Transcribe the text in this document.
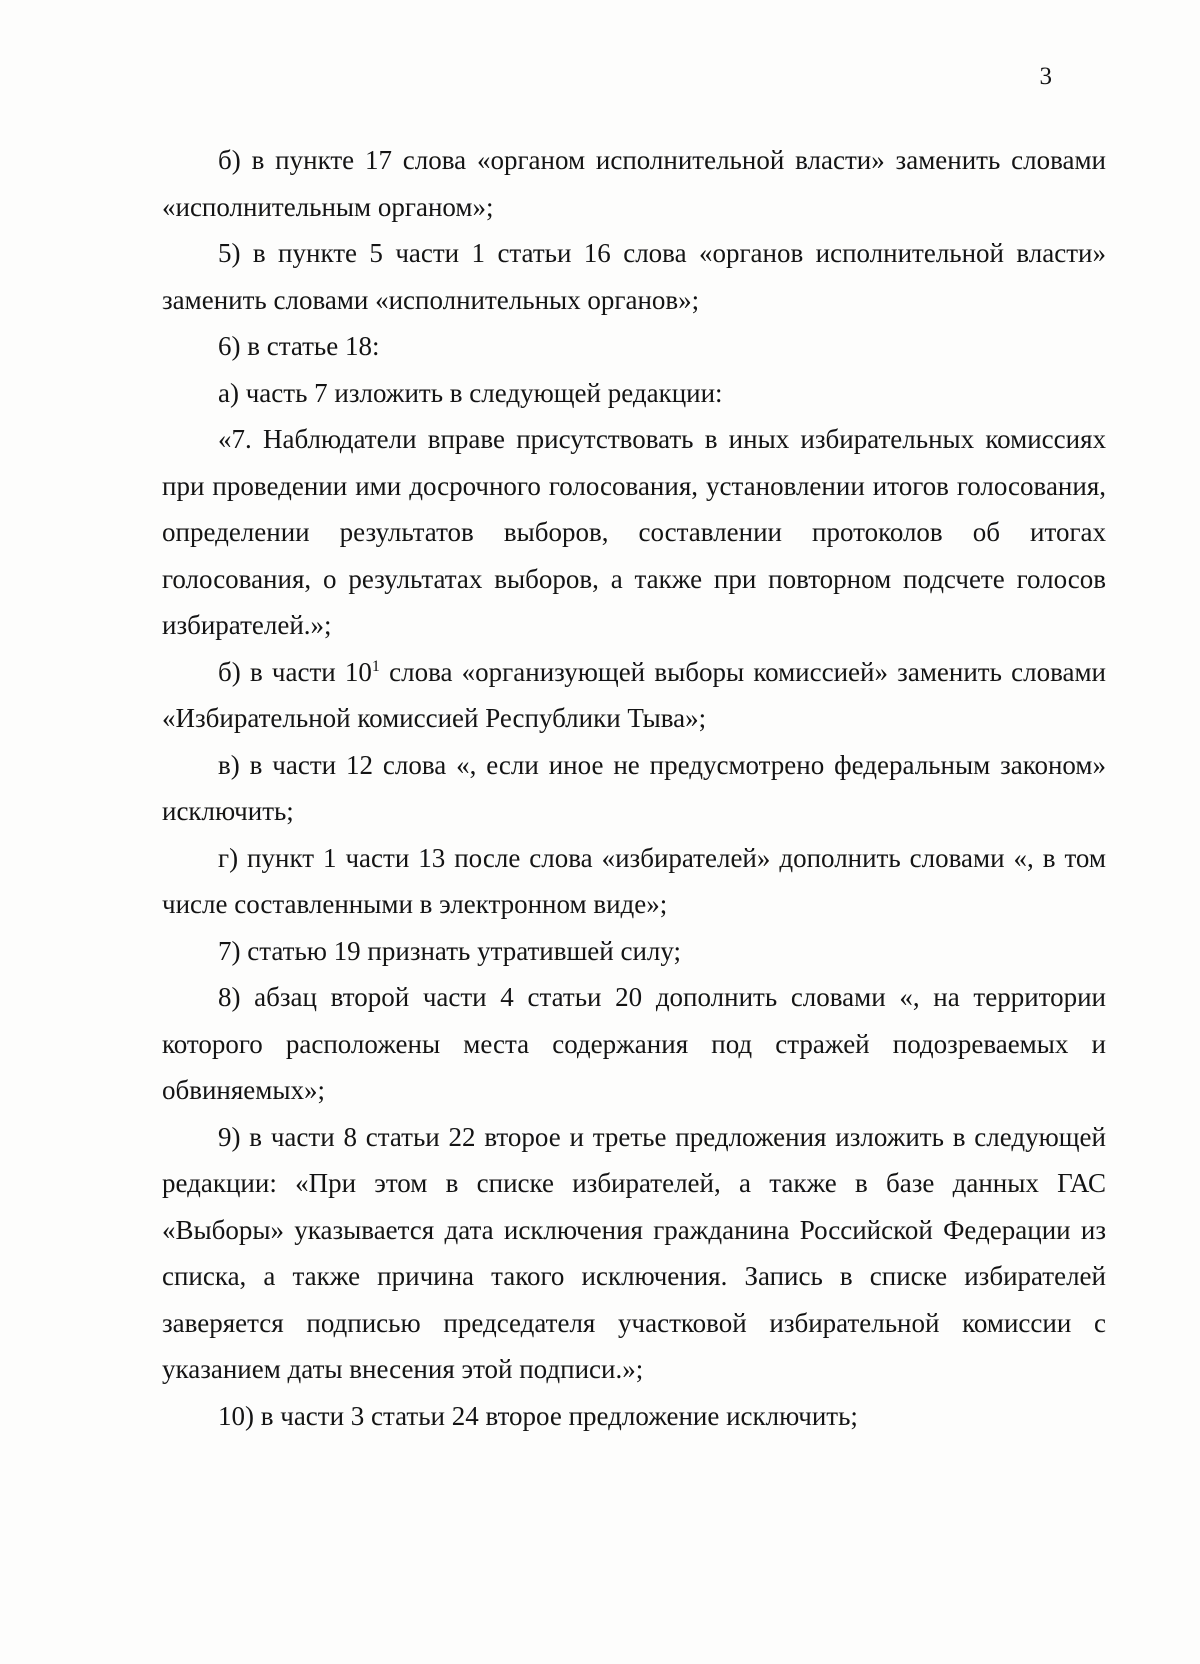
3

б) в пункте 17 слова «органом исполнительной власти» заменить словами «исполнительным органом»;

5) в пункте 5 части 1 статьи 16 слова «органов исполнительной власти» заменить словами «исполнительных органов»;

6) в статье 18:

а) часть 7 изложить в следующей редакции:

«7. Наблюдатели вправе присутствовать в иных избирательных комиссиях при проведении ими досрочного голосования, установлении итогов голосования, определении результатов выборов, составлении протоколов об итогах голосования, о результатах выборов, а также при повторном подсчете голосов избирателей.»;

б) в части $10^1$ слова «организующей выборы комиссией» заменить словами «Избирательной комиссией Республики Тыва»;

в) в части 12 слова «, если иное не предусмотрено федеральным законом» исключить;

г) пункт 1 части 13 после слова «избирателей» дополнить словами «, в том числе составленными в электронном виде»;

7) статью 19 признать утратившей силу;

8) абзац второй части 4 статьи 20 дополнить словами «, на территории которого расположены места содержания под стражей подозреваемых и обвиняемых»;

9) в части 8 статьи 22 второе и третье предложения изложить в следующей редакции: «При этом в списке избирателей, а также в базе данных ГАС «Выборы» указывается дата исключения гражданина Российской Федерации из списка, а также причина такого исключения. Запись в списке избирателей заверяется подписью председателя участковой избирательной комиссии с указанием даты внесения этой подписи.»;

10) в части 3 статьи 24 второе предложение исключить;
